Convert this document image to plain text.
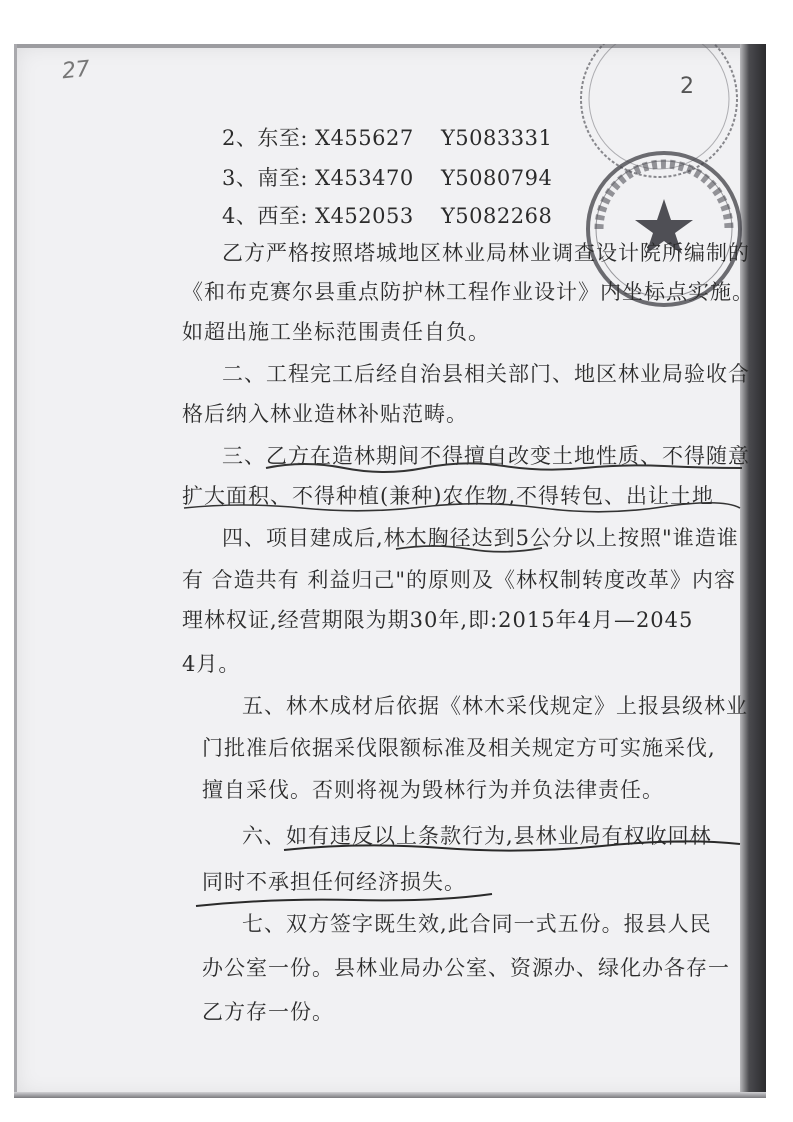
27
2
2、东至: X455627 Y5083331
3、南至: X453470 Y5080794
4、西至: X452053 Y5082268
乙方严格按照塔城地区林业局林业调查设计院所编制的
《和布克赛尔县重点防护林工程作业设计》内坐标点实施。
如超出施工坐标范围责任自负。
二、工程完工后经自治县相关部门、地区林业局验收合
格后纳入林业造林补贴范畴。
三、乙方在造林期间不得擅自改变土地性质、不得随意
扩大面积、不得种植(兼种)农作物,不得转包、出让土地
四、项目建成后,林木胸径达到5公分以上按照"谁造谁
有 合造共有 利益归己"的原则及《林权制转度改革》内容
理林权证,经营期限为期30年,即:2015年4月—2045
4月。
五、林木成材后依据《林木采伐规定》上报县级林业
门批准后依据采伐限额标准及相关规定方可实施采伐,
擅自采伐。否则将视为毁林行为并负法律责任。
六、如有违反以上条款行为,县林业局有权收回林
同时不承担任何经济损失。
七、双方签字既生效,此合同一式五份。报县人民
办公室一份。县林业局办公室、资源办、绿化办各存一
乙方存一份。
